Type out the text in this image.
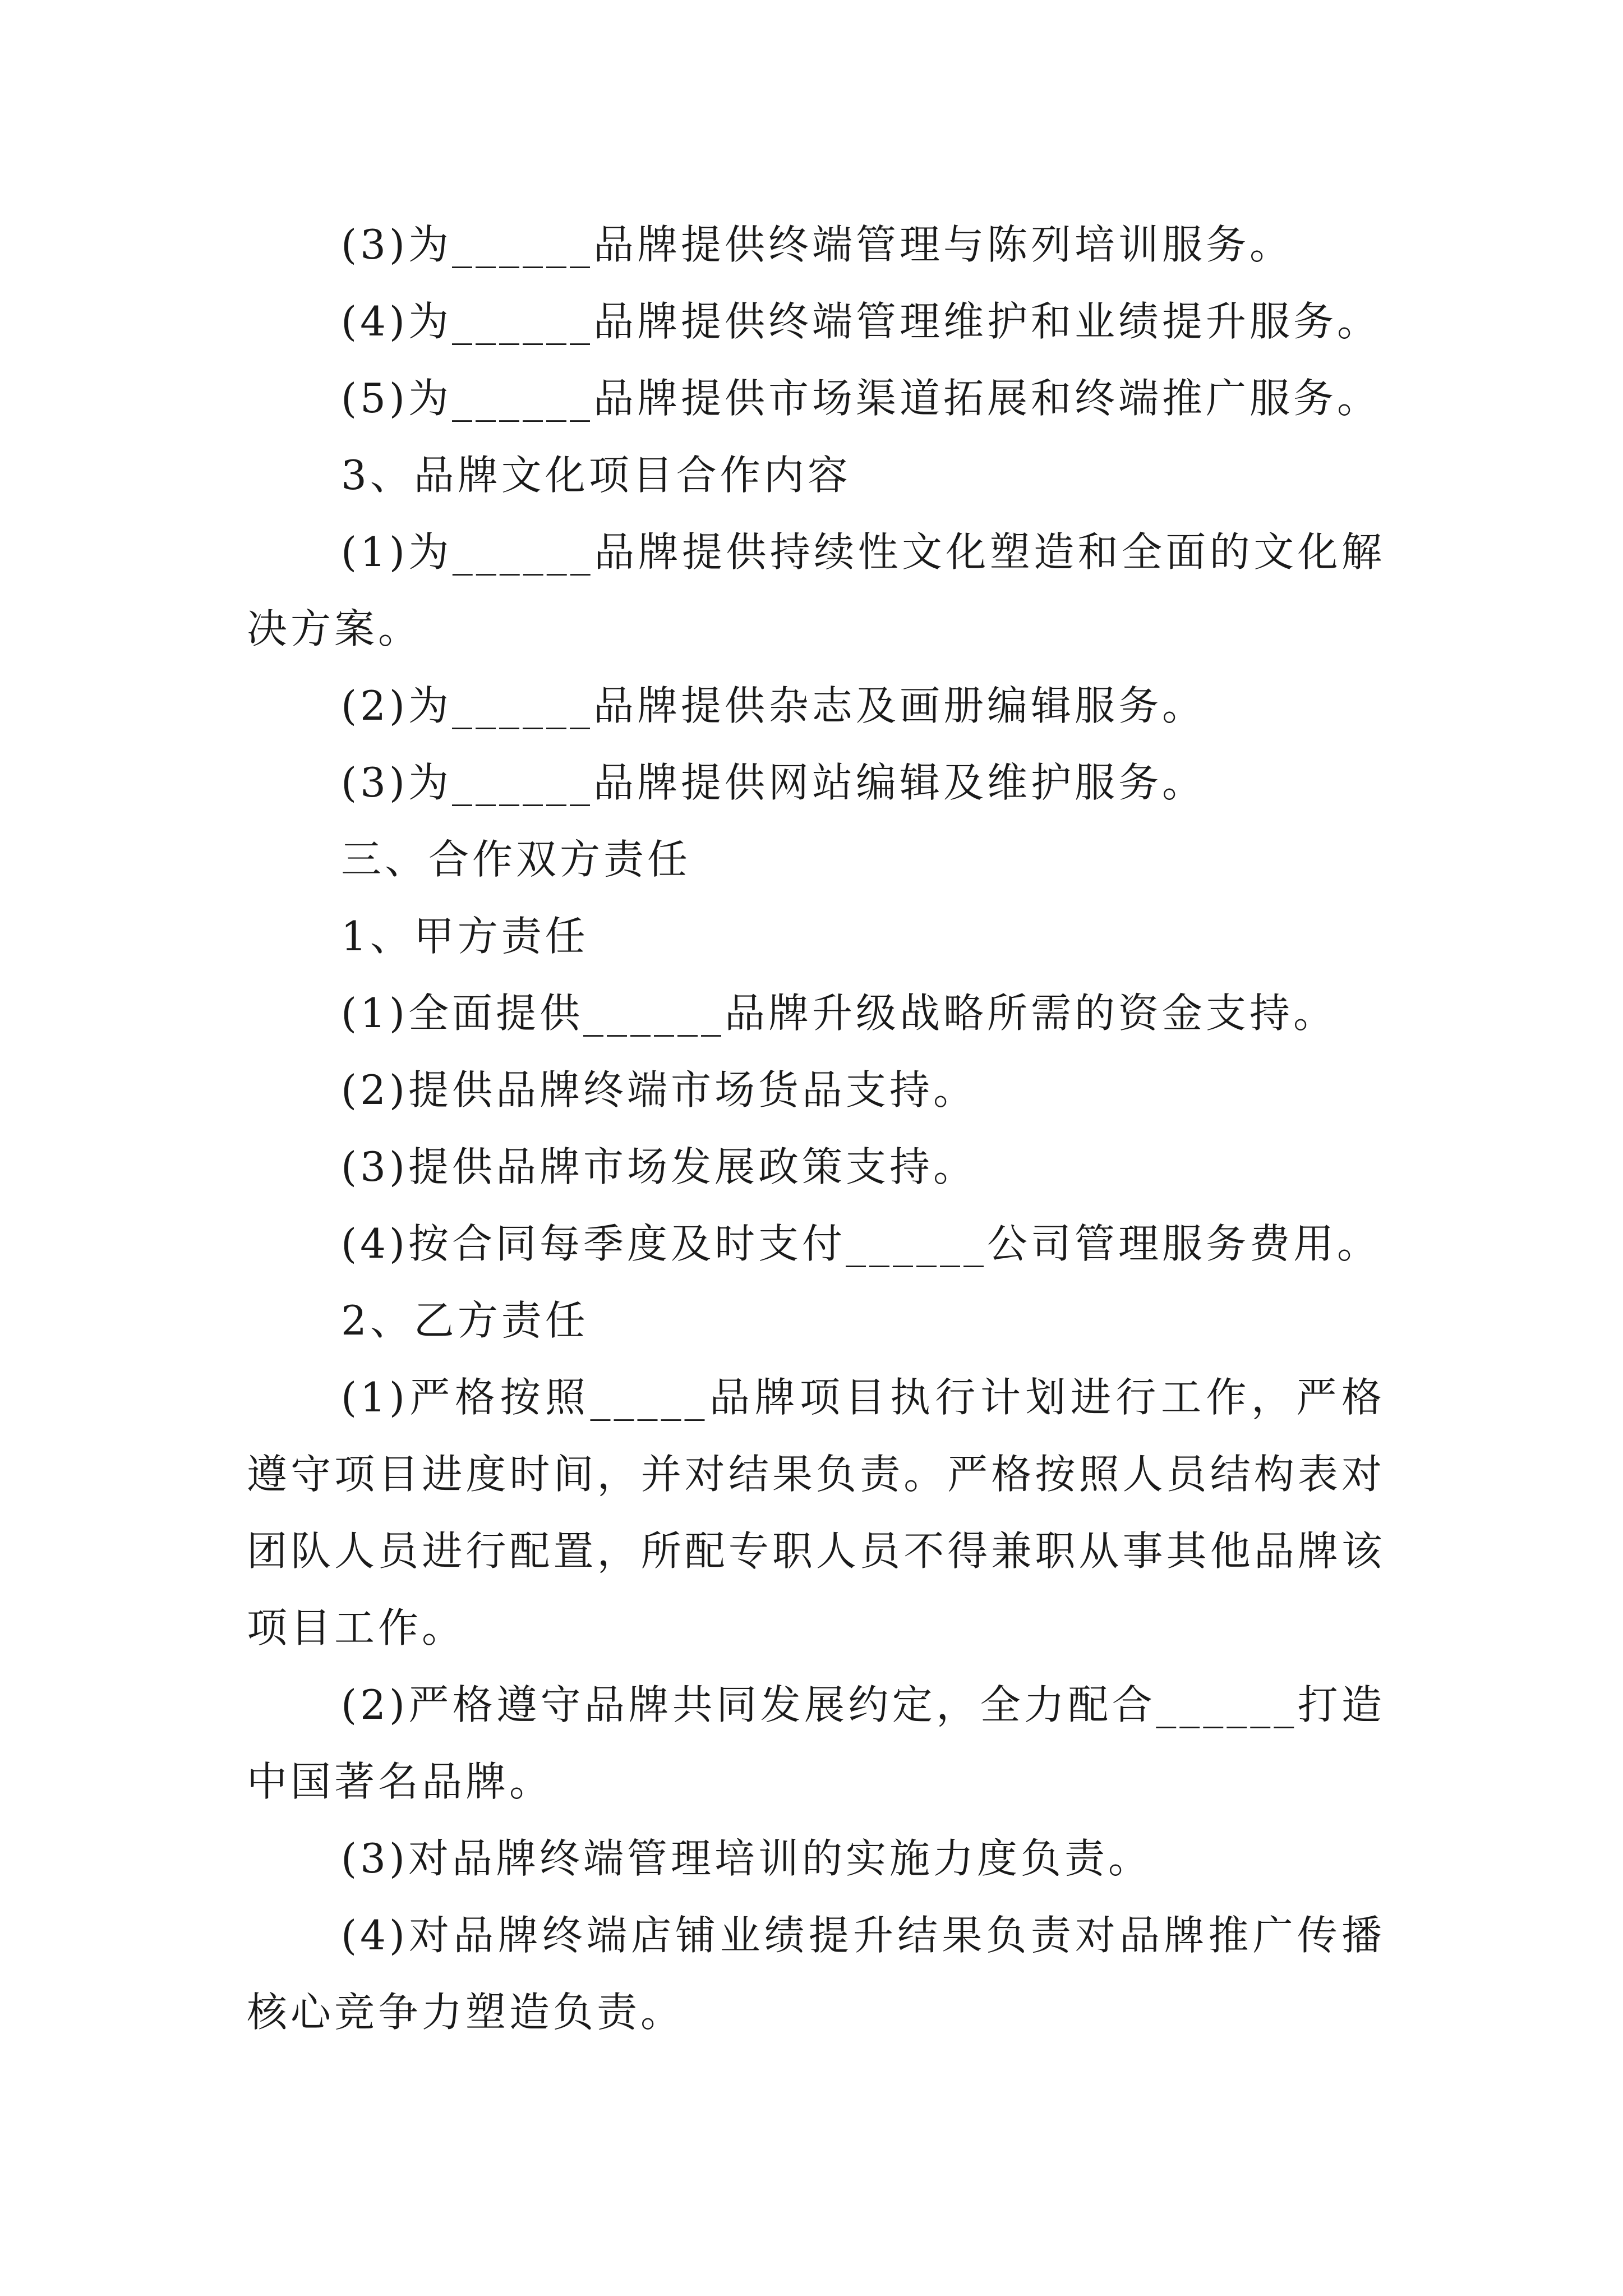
(3)为______品牌提供终端管理与陈列培训服务。

(4)为______品牌提供终端管理维护和业绩提升服务。

(5)为______品牌提供市场渠道拓展和终端推广服务。

3、品牌文化项目合作内容

(1)为______品牌提供持续性文化塑造和全面的文化解决方案。

(2)为______品牌提供杂志及画册编辑服务。

(3)为______品牌提供网站编辑及维护服务。

三、合作双方责任

1、甲方责任

(1)全面提供______品牌升级战略所需的资金支持。

(2)提供品牌终端市场货品支持。

(3)提供品牌市场发展政策支持。

(4)按合同每季度及时支付______公司管理服务费用。

2、乙方责任

(1)严格按照_____品牌项目执行计划进行工作，严格遵守项目进度时间，并对结果负责。严格按照人员结构表对团队人员进行配置，所配专职人员不得兼职从事其他品牌该项目工作。

(2)严格遵守品牌共同发展约定，全力配合______打造中国著名品牌。

(3)对品牌终端管理培训的实施力度负责。

(4)对品牌终端店铺业绩提升结果负责对品牌推广传播核心竞争力塑造负责。
